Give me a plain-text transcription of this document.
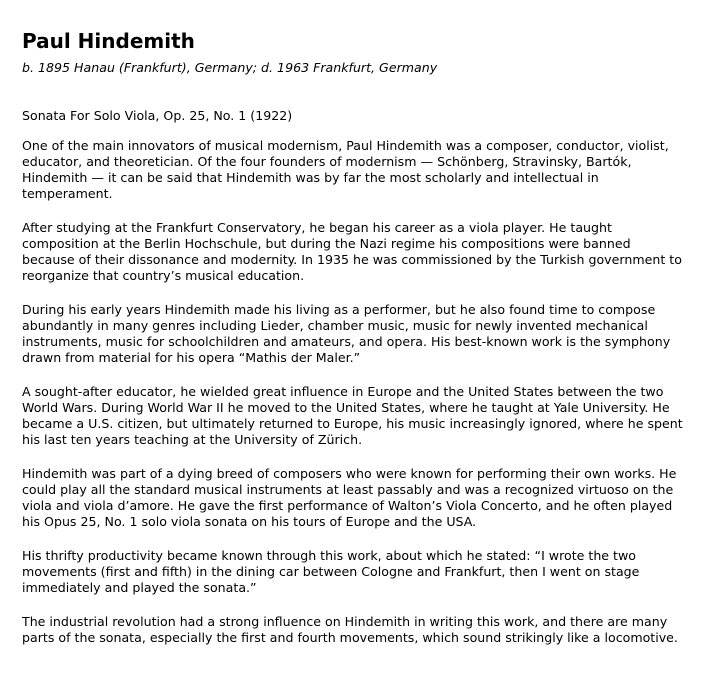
Paul Hindemith
b. 1895 Hanau (Frankfurt), Germany; d. 1963 Frankfurt, Germany
Sonata For Solo Viola, Op. 25, No. 1 (1922)

One of the main innovators of musical modernism, Paul Hindemith was a composer, conductor, violist, educator, and theoretician. Of the four founders of modernism — Schönberg, Stravinsky, Bartók, Hindemith — it can be said that Hindemith was by far the most scholarly and intellectual in temperament.

After studying at the Frankfurt Conservatory, he began his career as a viola player. He taught composition at the Berlin Hochschule, but during the Nazi regime his compositions were banned because of their dissonance and modernity. In 1935 he was commissioned by the Turkish government to reorganize that country’s musical education.

During his early years Hindemith made his living as a performer, but he also found time to compose abundantly in many genres including Lieder, chamber music, music for newly invented mechanical instruments, music for schoolchildren and amateurs, and opera. His best-known work is the symphony drawn from material for his opera “Mathis der Maler.”

A sought-after educator, he wielded great influence in Europe and the United States between the two World Wars. During World War II he moved to the United States, where he taught at Yale University. He became a U.S. citizen, but ultimately returned to Europe, his music increasingly ignored, where he spent his last ten years teaching at the University of Zürich.

Hindemith was part of a dying breed of composers who were known for performing their own works. He could play all the standard musical instruments at least passably and was a recognized virtuoso on the viola and viola d’amore. He gave the first performance of Walton’s Viola Concerto, and he often played his Opus 25, No. 1 solo viola sonata on his tours of Europe and the USA.

His thrifty productivity became known through this work, about which he stated: “I wrote the two movements (first and fifth) in the dining car between Cologne and Frankfurt, then I went on stage immediately and played the sonata.”

The industrial revolution had a strong influence on Hindemith in writing this work, and there are many parts of the sonata, especially the first and fourth movements, which sound strikingly like a locomotive.
